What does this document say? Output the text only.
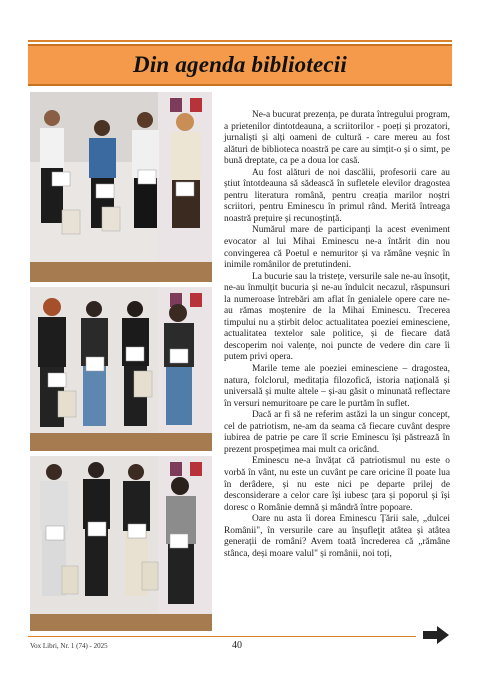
Din agenda bibliotecii

Ne-a bucurat prezența, pe durata întregului program, a prietenilor dintotdeauna, a scriitorilor - poeți și prozatori, jurnaliști și alți oameni de cultură - care mereu au fost alături de biblioteca noastră pe care au simțit-o și o simt, pe bună dreptate, ca pe a doua lor casă.

Au fost alături de noi dascălii, profesorii care au știut întotdeauna să sădească în sufletele elevilor dragostea pentru literatura română, pentru creația marilor noștri scriitori, pentru Eminescu în primul rând. Merită întreaga noastră prețuire și recunoștință.

Numărul mare de participanți la acest eveniment evocator al lui Mihai Eminescu ne-a întărit din nou convingerea că Poetul e nemuritor și va rămâne veșnic în inimile românilor de pretutindeni.

La bucurie sau la tristețe, versurile sale ne-au însoțit, ne-au înmulțit bucuria și ne-au îndulcit necazul, răspunsuri la numeroase întrebări am aflat în genialele opere care ne-au rămas moștenire de la Mihai Eminescu. Trecerea timpului nu a știrbit deloc actualitatea poeziei eminesciene, actualitatea textelor sale politice, și de fiecare dată descoperim noi valențe, noi puncte de vedere din care îi putem privi opera.

Marile teme ale poeziei eminesciene – dragostea, natura, folclorul, meditația filozofică, istoria națională și universală și multe altele – și-au găsit o minunată reflectare în versuri nemuritoare pe care le purtăm în suflet.

Dacă ar fi să ne referim astăzi la un singur concept, cel de patriotism, ne-am da seama că fiecare cuvânt despre iubirea de patrie pe care îl scrie Eminescu își păstrează în prezent prospețimea mai mult ca oricând.

Eminescu ne-a învățat că patriotismul nu este o vorbă în vânt, nu este un cuvânt pe care oricine îl poate lua în derâdere, și nu este nici pe departe prilej de desconsiderare a celor care își iubesc țara și poporul și își doresc o Românie demnă și mândră între popoare.

Oare nu asta îi dorea Eminescu Țării sale, „dulcei Românii", în versurile care au înșufleţit atâtea și atâtea generații de români? Avem toată încrederea că „rămâne stânca, deși moare valul" și românii, noi toți,

Vox Libri, Nr. 1 (74) - 2025	40
